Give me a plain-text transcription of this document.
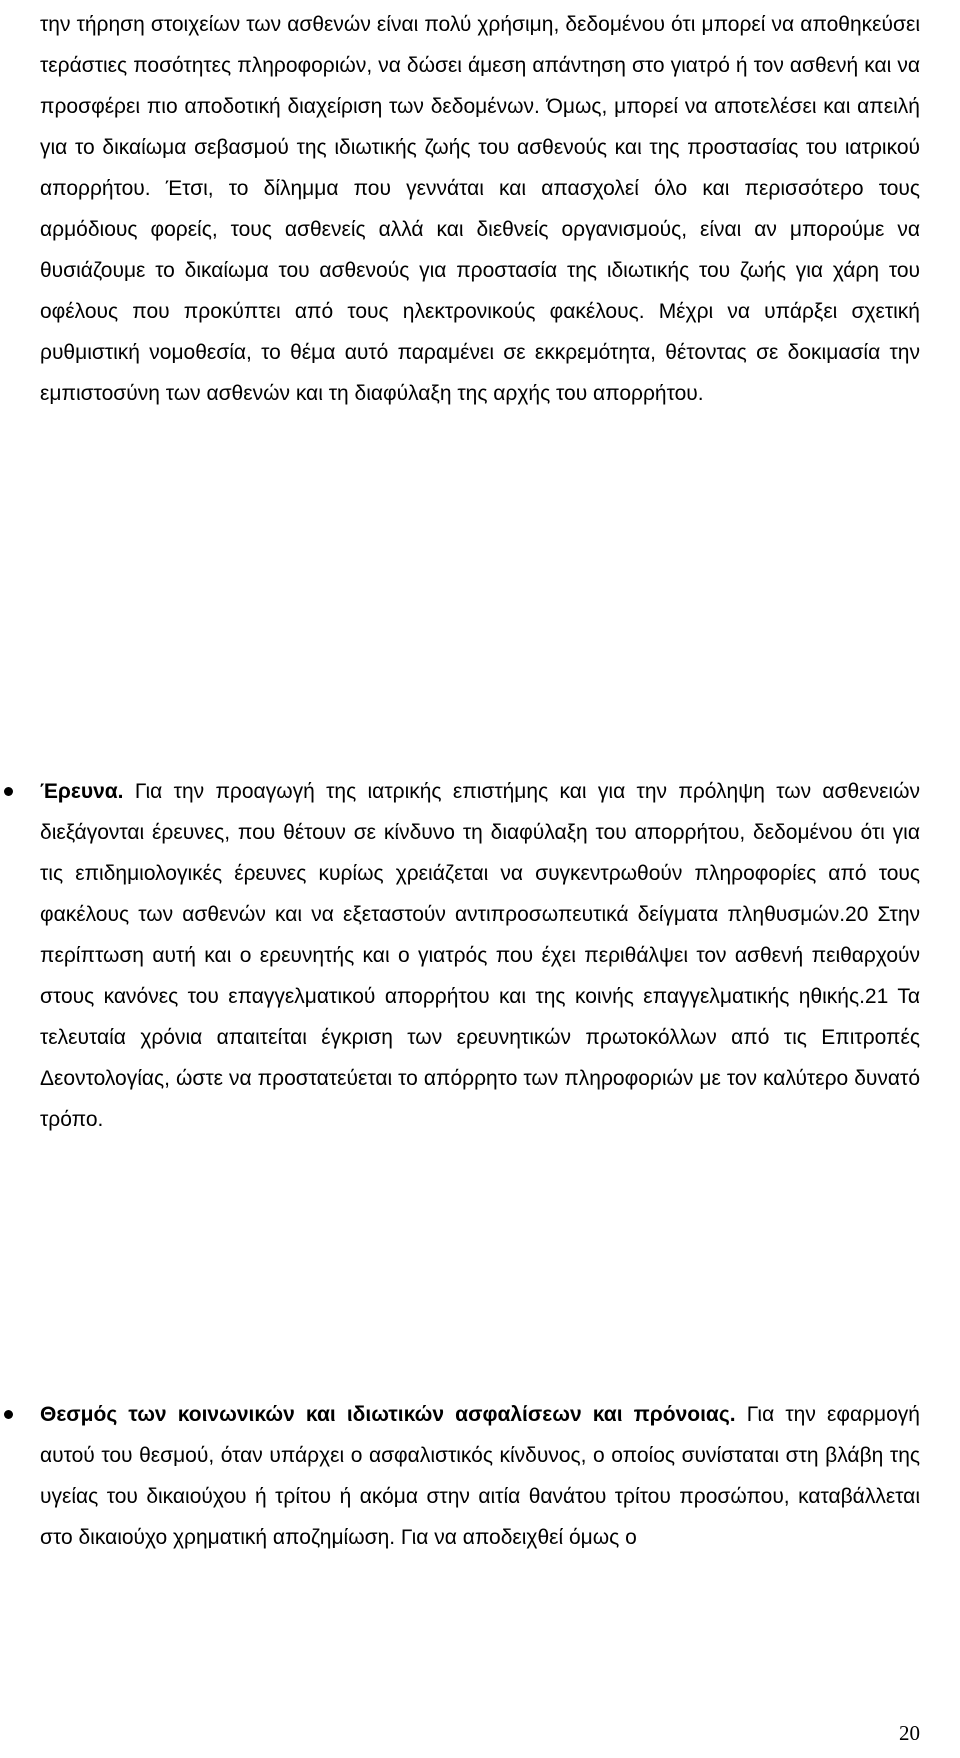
την τήρηση στοιχείων των ασθενών είναι πολύ χρήσιμη, δεδομένου ότι μπορεί να αποθηκεύσει τεράστιες ποσότητες πληροφοριών, να δώσει άμεση απάντηση στο γιατρό ή τον ασθενή και να προσφέρει πιο αποδοτική διαχείριση των δεδομένων. Όμως, μπορεί να αποτελέσει και απειλή για το δικαίωμα σεβασμού της ιδιωτικής ζωής του ασθενούς και της προστασίας του ιατρικού απορρήτου. Έτσι, το δίλημμα που γεννάται και απασχολεί όλο και περισσότερο τους αρμόδιους φορείς, τους ασθενείς αλλά και διεθνείς οργανισμούς, είναι αν μπορούμε να θυσιάζουμε το δικαίωμα του ασθενούς για προστασία της ιδιωτικής του ζωής για χάρη του οφέλους που προκύπτει από τους ηλεκτρονικούς φακέλους. Μέχρι να υπάρξει σχετική ρυθμιστική νομοθεσία, το θέμα αυτό παραμένει σε εκκρεμότητα, θέτοντας σε δοκιμασία την εμπιστοσύνη των ασθενών και τη διαφύλαξη της αρχής του απορρήτου.

Έρευνα. Για την προαγωγή της ιατρικής επιστήμης και για την πρόληψη των ασθενειών διεξάγονται έρευνες, που θέτουν σε κίνδυνο τη διαφύλαξη του απορρήτου, δεδομένου ότι για τις επιδημιολογικές έρευνες κυρίως χρειάζεται να συγκεντρωθούν πληροφορίες από τους φακέλους των ασθενών και να εξεταστούν αντιπροσωπευτικά δείγματα πληθυσμών.20 Στην περίπτωση αυτή και ο ερευνητής και ο γιατρός που έχει περιθάλψει τον ασθενή πειθαρχούν στους κανόνες του επαγγελματικού απορρήτου και της κοινής επαγγελματικής ηθικής.21 Τα τελευταία χρόνια απαιτείται έγκριση των ερευνητικών πρωτοκόλλων από τις Επιτροπές Δεοντολογίας, ώστε να προστατεύεται το απόρρητο των πληροφοριών με τον καλύτερο δυνατό τρόπο.

Θεσμός των κοινωνικών και ιδιωτικών ασφαλίσεων και πρόνοιας. Για την εφαρμογή αυτού του θεσμού, όταν υπάρχει ο ασφαλιστικός κίνδυνος, ο οποίος συνίσταται στη βλάβη της υγείας του δικαιούχου ή τρίτου ή ακόμα στην αιτία θανάτου τρίτου προσώπου, καταβάλλεται στο δικαιούχο χρηματική αποζημίωση. Για να αποδειχθεί όμως ο

20
